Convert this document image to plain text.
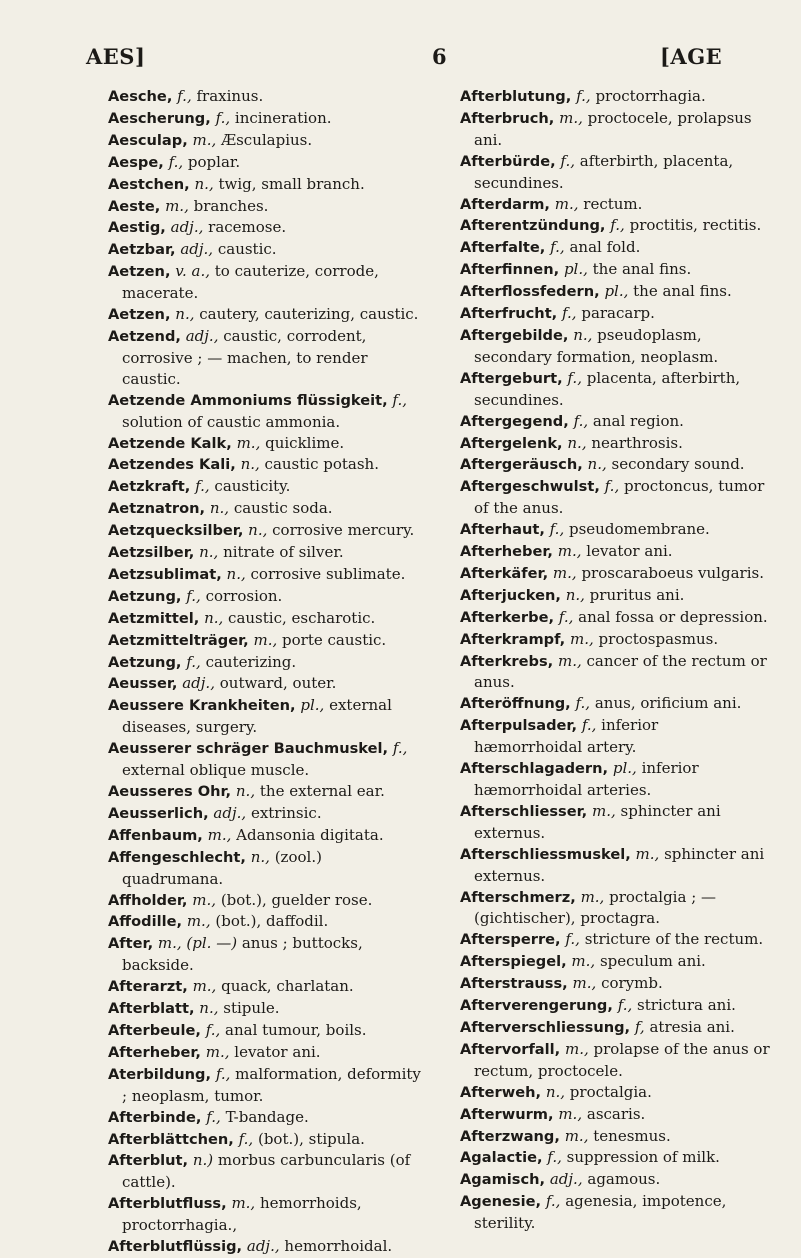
AES]	6	[AGE
Aesche, f., fraxinus.
Aescherung, f., incineration.
Aesculap, m., Æsculapius.
Aespe, f., poplar.
Aestchen, n., twig, small branch.
Aeste, m., branches.
Aestig, adj., racemose.
Aetzbar, adj., caustic.
Aetzen, v. a., to cauterize, corrode, macerate.
Aetzen, n., cautery, cauterizing, caustic.
Aetzend, adj., caustic, corrodent, corrosive ; — machen, to render caustic.
Aetzende Ammoniums flüssigkeit, f., solution of caustic ammonia.
Aetzende Kalk, m., quicklime.
Aetzendes Kali, n., caustic potash.
Aetzkraft, f., causticity.
Aetznatron, n., caustic soda.
Aetzquecksilber, n., corrosive mercury.
Aetzsilber, n., nitrate of silver.
Aetzsublimat, n., corrosive sublimate.
Aetzung, f., corrosion.
Aetzmittel, n., caustic, escharotic.
Aetzmittelträger, m., porte caustic.
Aetzung, f., cauterizing.
Aeusser, adj., outward, outer.
Aeussere Krankheiten, pl., external diseases, surgery.
Aeusserer schräger Bauchmuskel, f., external oblique muscle.
Aeusseres Ohr, n., the external ear.
Aeusserlich, adj., extrinsic.
Affenbaum, m., Adansonia digitata.
Affengeschlecht, n., (zool.) quadrumana.
Affholder, m., (bot.), guelder rose.
Affodille, m., (bot.), daffodil.
After, m., (pl. —) anus ; buttocks, backside.
Afterarzt, m., quack, charlatan.
Afterblatt, n., stipule.
Afterbeule, f., anal tumour, boils.
Afterheber, m., levator ani.
Aterbildung, f., malformation, deformity ; neoplasm, tumor.
Afterbinde, f., T-bandage.
Afterblättchen, f., (bot.), stipula.
Afterblut, n.) morbus carbuncularis (of cattle).
Afterblutfluss, m., hemorrhoids, proctorrhagia.,
Afterblutflüssig, adj., hemorrhoidal.
Afterblutung, f., proctorrhagia.
Afterbruch, m., proctocele, prolapsus ani.
Afterbürde, f., afterbirth, placenta, secundines.
Afterdarm, m., rectum.
Afterentzündung, f., proctitis, rectitis.
Afterfalte, f., anal fold.
Afterfinnen, pl., the anal fins.
Afterflossfedern, pl., the anal fins.
Afterfrucht, f., paracarp.
Aftergebilde, n., pseudoplasm, secondary formation, neoplasm.
Aftergeburt, f., placenta, afterbirth, secundines.
Aftergegend, f., anal region.
Aftergelenk, n., nearthrosis.
Aftergeräusch, n., secondary sound.
Aftergeschwulst, f., proctoncus, tumor of the anus.
Afterhaut, f., pseudomembrane.
Afterheber, m., levator ani.
Afterkäfer, m., proscaraboeus vulgaris.
Afterjucken, n., pruritus ani.
Afterkerbe, f., anal fossa or depression.
Afterkrampf, m., proctospasmus.
Afterkrebs, m., cancer of the rectum or anus.
Afteröffnung, f., anus, orificium ani.
Afterpulsader, f., inferior hæmorrhoidal artery.
Afterschlagadern, pl., inferior hæmorrhoidal arteries.
Afterschliesser, m., sphincter ani externus.
Afterschliessmuskel, m., sphincter ani externus.
Afterschmerz, m., proctalgia ; —(gichtischer), proctagra.
Aftersperre, f., stricture of the rectum.
Afterspiegel, m., speculum ani.
Afterstrauss, m., corymb.
Afterverengerung, f., strictura ani.
Afterverschliessung, f, atresia ani.
Aftervorfall, m., prolapse of the anus or rectum, proctocele.
Afterweh, n., proctalgia.
Afterwurm, m., ascaris.
Afterzwang, m., tenesmus.
Agalactie, f., suppression of milk.
Agamisch, adj., agamous.
Agenesie, f., agenesia, impotence, sterility.
